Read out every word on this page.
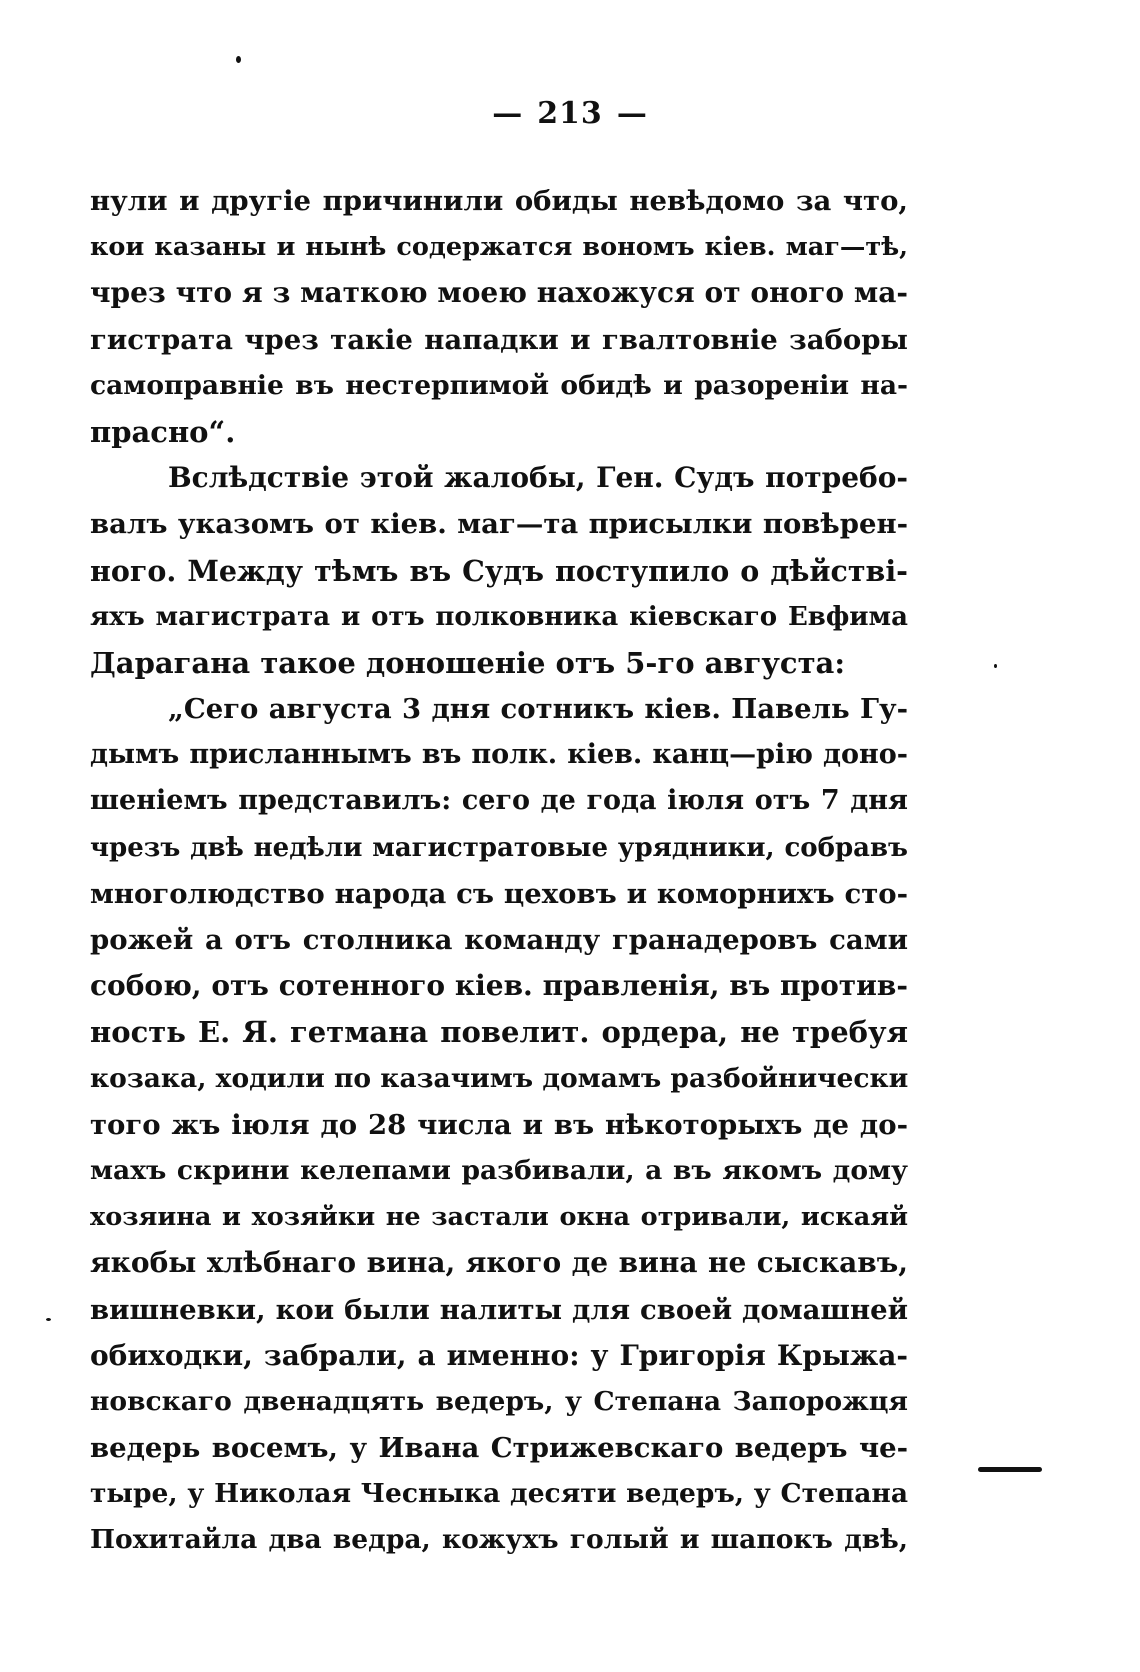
— 213 —
нули и другіе причинили обиды невѣдомо за что,
кои казаны и нынѣ содержатся вономъ кіев. маг—тѣ,
чрез что я з маткою моею нахожуся от оного ма-
гистрата чрез такіе нападки и гвалтовніе заборы
самоправніе въ нестерпимой обидѣ и разореніи на-
прасно“.
Вслѣдствіе этой жалобы, Ген. Судъ потребо-
валъ указомъ от кіев. маг—та присылки повѣрен-
ного. Между тѣмъ въ Судъ поступило о дѣйстві-
яхъ магистрата и отъ полковника кіевскаго Евфима
Дарагана такое доношеніе отъ 5-го августа:
„Сего августа 3 дня сотникъ кіев. Павель Гу-
дымъ присланнымъ въ полк. кіев. канц—рію доно-
шеніемъ представилъ: сего де года іюля отъ 7 дня
чрезъ двѣ недѣли магистратовые урядники, собравъ
многолюдство народа съ цеховъ и коморнихъ сто-
рожей а отъ столника команду гранадеровъ сами
собою, отъ сотенного кіев. правленія, въ против-
ность Е. Я. гетмана повелит. ордера, не требуя
козака, ходили по казачимъ домамъ разбойнически
того жъ іюля до 28 числа и въ нѣкоторыхъ де до-
махъ скрини келепами разбивали, а въ якомъ дому
хозяина и хозяйки не застали окна отривали, искаяй
якобы хлѣбнаго вина, якого де вина не сыскавъ,
вишневки, кои были налиты для своей домашней
обиходки, забрали, а именно: у Григорія Крыжа-
новскаго двенадцять ведеръ, у Степана Запорожця
ведерь восемъ, у Ивана Стрижевскаго ведеръ че-
тыре, у Николая Чесныка десяти ведеръ, у Степана
Похитайла два ведра, кожухъ голый и шапокъ двѣ,
